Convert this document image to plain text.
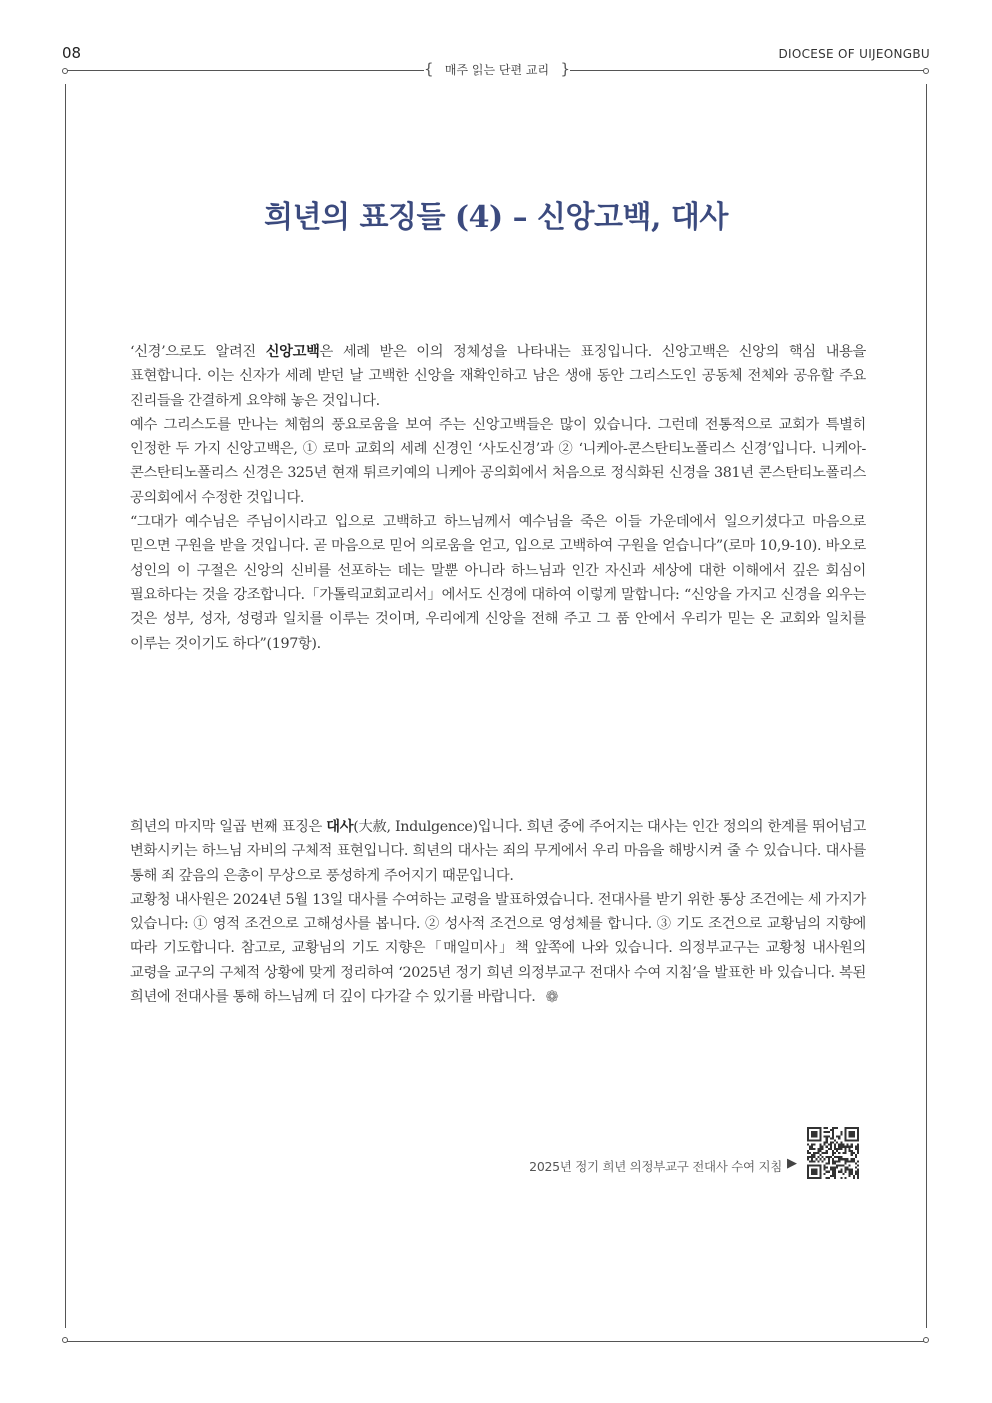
08	DIOCESE OF UIJEONGBU
{ 매주 읽는 단편 교리 }
희년의 표징들 (4) – 신앙고백, 대사

‘신경’으로도 알려진 신앙고백은 세례 받은 이의 정체성을 나타내는 표징입니다. 신앙고백은 신앙의 핵심 내용을 표현합니다. 이는 신자가 세례 받던 날 고백한 신앙을 재확인하고 남은 생애 동안 그리스도인 공동체 전체와 공유할 주요 진리들을 간결하게 요약해 놓은 것입니다.

예수 그리스도를 만나는 체험의 풍요로움을 보여 주는 신앙고백들은 많이 있습니다. 그런데 전통적으로 교회가 특별히 인정한 두 가지 신앙고백은, ① 로마 교회의 세례 신경인 ‘사도신경’과 ② ‘니케아-콘스탄티노폴리스 신경’입니다. 니케아-콘스탄티노폴리스 신경은 325년 현재 튀르키예의 니케아 공의회에서 처음으로 정식화된 신경을 381년 콘스탄티노폴리스 공의회에서 수정한 것입니다.

“그대가 예수님은 주님이시라고 입으로 고백하고 하느님께서 예수님을 죽은 이들 가운데에서 일으키셨다고 마음으로 믿으면 구원을 받을 것입니다. 곧 마음으로 믿어 의로움을 얻고, 입으로 고백하여 구원을 얻습니다”(로마 10,9-10). 바오로 성인의 이 구절은 신앙의 신비를 선포하는 데는 말뿐 아니라 하느님과 인간 자신과 세상에 대한 이해에서 깊은 회심이 필요하다는 것을 강조합니다.「가톨릭교회교리서」에서도 신경에 대하여 이렇게 말합니다: “신앙을 가지고 신경을 외우는 것은 성부, 성자, 성령과 일치를 이루는 것이며, 우리에게 신앙을 전해 주고 그 품 안에서 우리가 믿는 온 교회와 일치를 이루는 것이기도 하다”(197항).

희년의 마지막 일곱 번째 표징은 대사(大赦, Indulgence)입니다. 희년 중에 주어지는 대사는 인간 정의의 한계를 뛰어넘고 변화시키는 하느님 자비의 구체적 표현입니다. 희년의 대사는 죄의 무게에서 우리 마음을 해방시켜 줄 수 있습니다. 대사를 통해 죄 갚음의 은총이 무상으로 풍성하게 주어지기 때문입니다.

교황청 내사원은 2024년 5월 13일 대사를 수여하는 교령을 발표하였습니다. 전대사를 받기 위한 통상 조건에는 세 가지가 있습니다: ① 영적 조건으로 고해성사를 봅니다. ② 성사적 조건으로 영성체를 합니다. ③ 기도 조건으로 교황님의 지향에 따라 기도합니다. 참고로, 교황님의 기도 지향은「매일미사」책 앞쪽에 나와 있습니다. 의정부교구는 교황청 내사원의 교령을 교구의 구체적 상황에 맞게 정리하여 ‘2025년 정기 희년 의정부교구 전대사 수여 지침’을 발표한 바 있습니다. 복된 희년에 전대사를 통해 하느님께 더 깊이 다가갈 수 있기를 바랍니다. ❁

2025년 정기 희년 의정부교구 전대사 수여 지침 ▶
